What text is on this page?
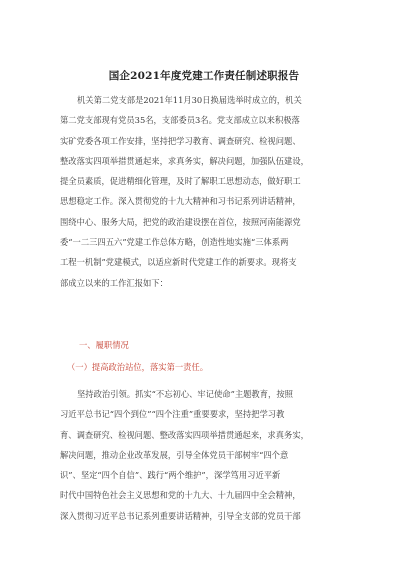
国企2021年度党建工作责任制述职报告
机关第二党支部是2021年11月30日换届选举时成立的，机关
第二党支部现有党员35名，支部委员3名。党支部成立以来积极落
实矿党委各项工作安排，坚持把学习教育、调查研究、检视问题、
整改落实四项举措贯通起来，求真务实，解决问题，加强队伍建设，
提全员素质，促进精细化管理，及时了解职工思想动态，做好职工
思想稳定工作。深入贯彻党的十九大精神和习书记系列讲话精神，
围绕中心、服务大局，把党的政治建设摆在首位，按照河南能源党
委“一二三四五六”党建工作总体方略，创造性地实施“三体系两
工程一机制”党建模式，以适应新时代党建工作的新要求。现将支
部成立以来的工作汇报如下：
一、履职情况
（一）提高政治站位，落实第一责任。
坚持政治引领。抓实“不忘初心、牢记使命”主题教育，按照
习近平总书记“四个到位”“四个注重”重要要求，坚持把学习教
育、调查研究、检视问题、整改落实四项举措贯通起来，求真务实，
解决问题，推动企业改革发展，引导全体党员干部树牢“四个意
识”、坚定“四个自信”、践行“两个维护”，深学笃用习近平新
时代中国特色社会主义思想和党的十九大、十九届四中全会精神，
深入贯彻习近平总书记系列重要讲话精神，引导全支部的党员干部
